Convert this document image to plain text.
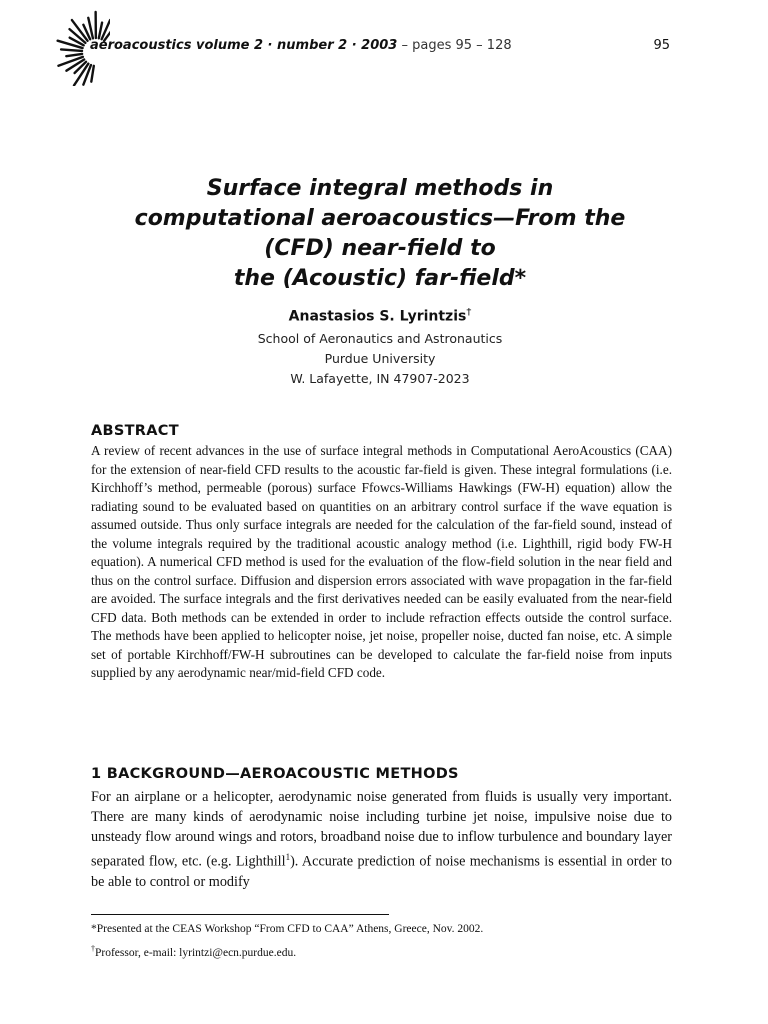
aeroacoustics volume 2 · number 2 · 2003 – pages 95 – 128	95
Surface integral methods in
computational aeroacoustics—From the
(CFD) near-field to
the (Acoustic) far-field*
Anastasios S. Lyrintzis†
School of Aeronautics and Astronautics
Purdue University
W. Lafayette, IN 47907-2023
ABSTRACT
A review of recent advances in the use of surface integral methods in Computational AeroAcoustics (CAA) for the extension of near-field CFD results to the acoustic far-field is given. These integral formulations (i.e. Kirchhoff’s method, permeable (porous) surface Ffowcs-Williams Hawkings (FW-H) equation) allow the radiating sound to be evaluated based on quantities on an arbitrary control surface if the wave equation is assumed outside. Thus only surface integrals are needed for the calculation of the far-field sound, instead of the volume integrals required by the traditional acoustic analogy method (i.e. Lighthill, rigid body FW-H equation). A numerical CFD method is used for the evaluation of the flow-field solution in the near field and thus on the control surface. Diffusion and dispersion errors associated with wave propagation in the far-field are avoided. The surface integrals and the first derivatives needed can be easily evaluated from the near-field CFD data. Both methods can be extended in order to include refraction effects outside the control surface. The methods have been applied to helicopter noise, jet noise, propeller noise, ducted fan noise, etc. A simple set of portable Kirchhoff/FW-H subroutines can be developed to calculate the far-field noise from inputs supplied by any aerodynamic near/mid-field CFD code.
1 BACKGROUND—AEROACOUSTIC METHODS
For an airplane or a helicopter, aerodynamic noise generated from fluids is usually very important. There are many kinds of aerodynamic noise including turbine jet noise, impulsive noise due to unsteady flow around wings and rotors, broadband noise due to inflow turbulence and boundary layer separated flow, etc. (e.g. Lighthill$^1$). Accurate prediction of noise mechanisms is essential in order to be able to control or modify
*Presented at the CEAS Workshop “From CFD to CAA” Athens, Greece, Nov. 2002.
†Professor, e-mail: lyrintzi@ecn.purdue.edu.
